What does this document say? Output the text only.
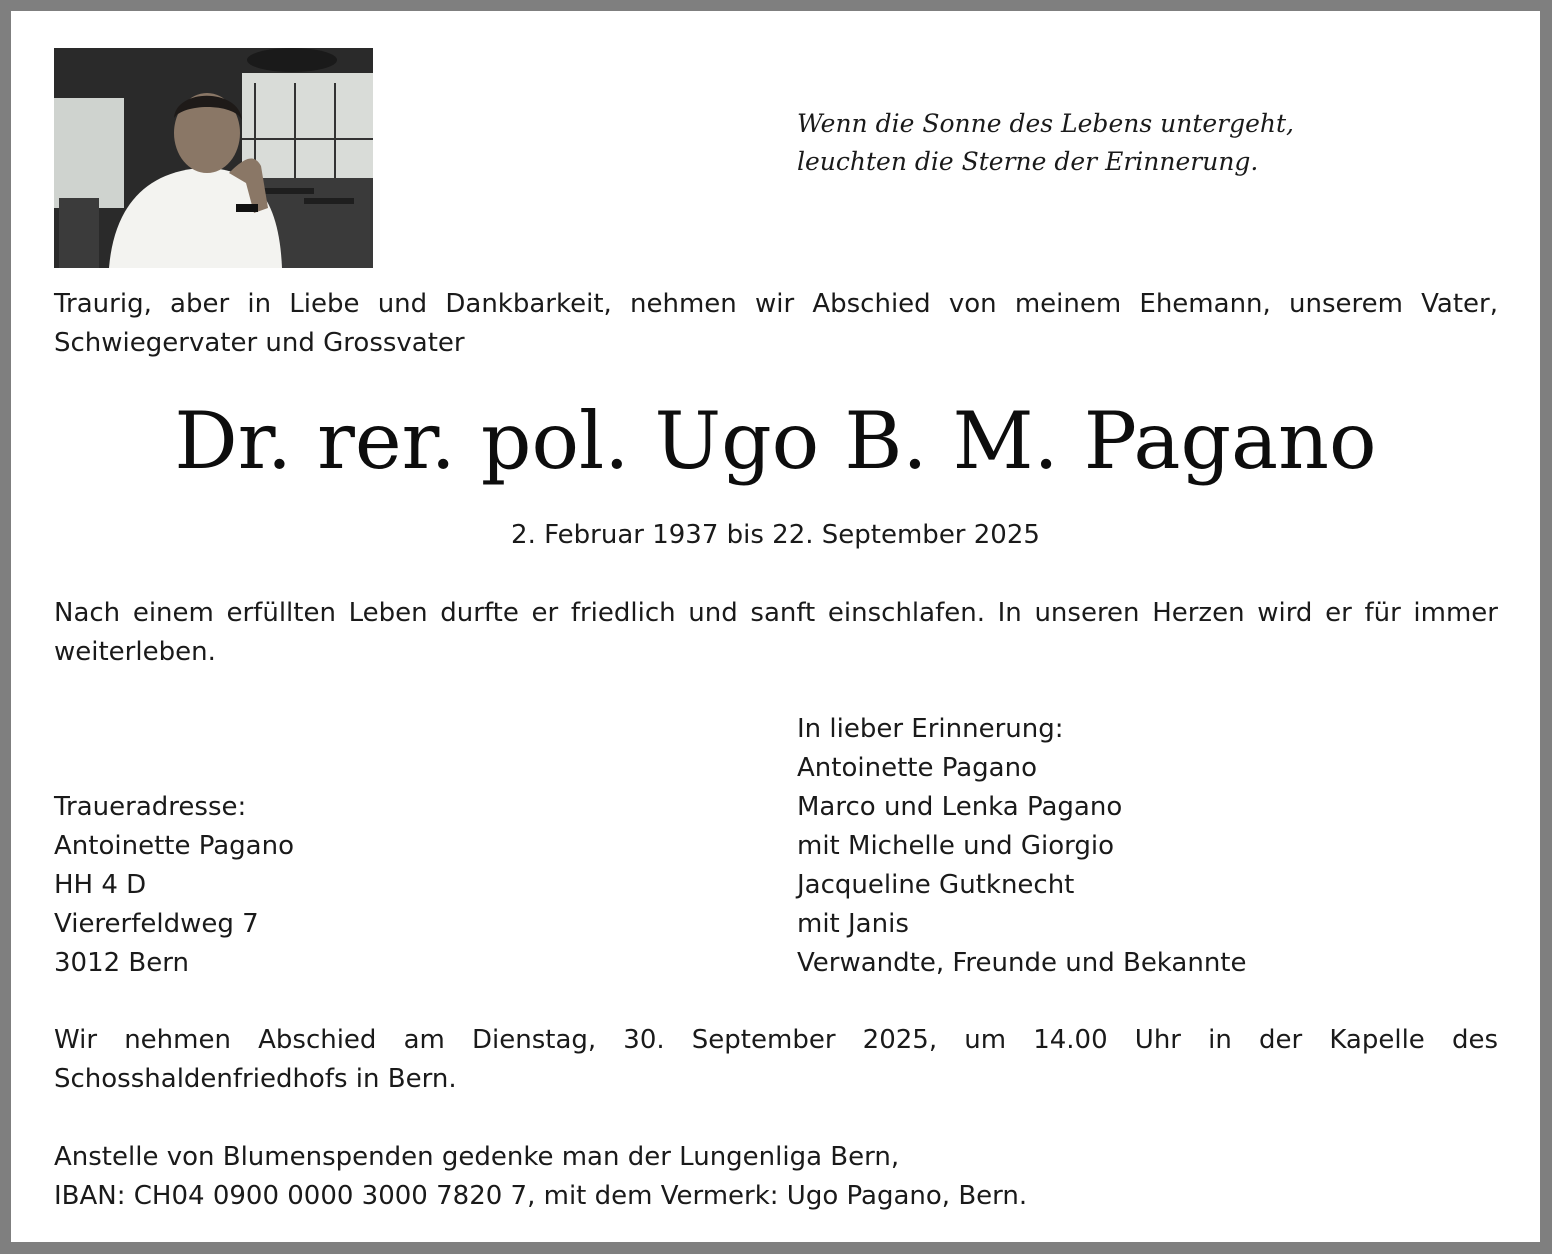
Wenn die Sonne des Lebens untergeht,
leuchten die Sterne der Erinnerung.
Traurig, aber in Liebe und Dankbarkeit, nehmen wir Abschied von meinem Ehemann, unserem Vater, Schwiegervater und Grossvater
Dr. rer. pol. Ugo B. M. Pagano
2. Februar 1937 bis 22. September 2025
Nach einem erfüllten Leben durfte er friedlich und sanft einschlafen. In unseren Herzen wird er für immer weiterleben.
In lieber Erinnerung:
Antoinette Pagano
Marco und Lenka Pagano
mit Michelle und Giorgio
Jacqueline Gutknecht
mit Janis
Verwandte, Freunde und Bekannte
Traueradresse:
Antoinette Pagano
HH 4 D
Viererfeldweg 7
3012 Bern
Wir nehmen Abschied am Dienstag, 30. September 2025, um 14.00 Uhr in der Kapelle des Schosshaldenfriedhofs in Bern.
Anstelle von Blumenspenden gedenke man der Lungenliga Bern,
IBAN: CH04 0900 0000 3000 7820 7, mit dem Vermerk: Ugo Pagano, Bern.
